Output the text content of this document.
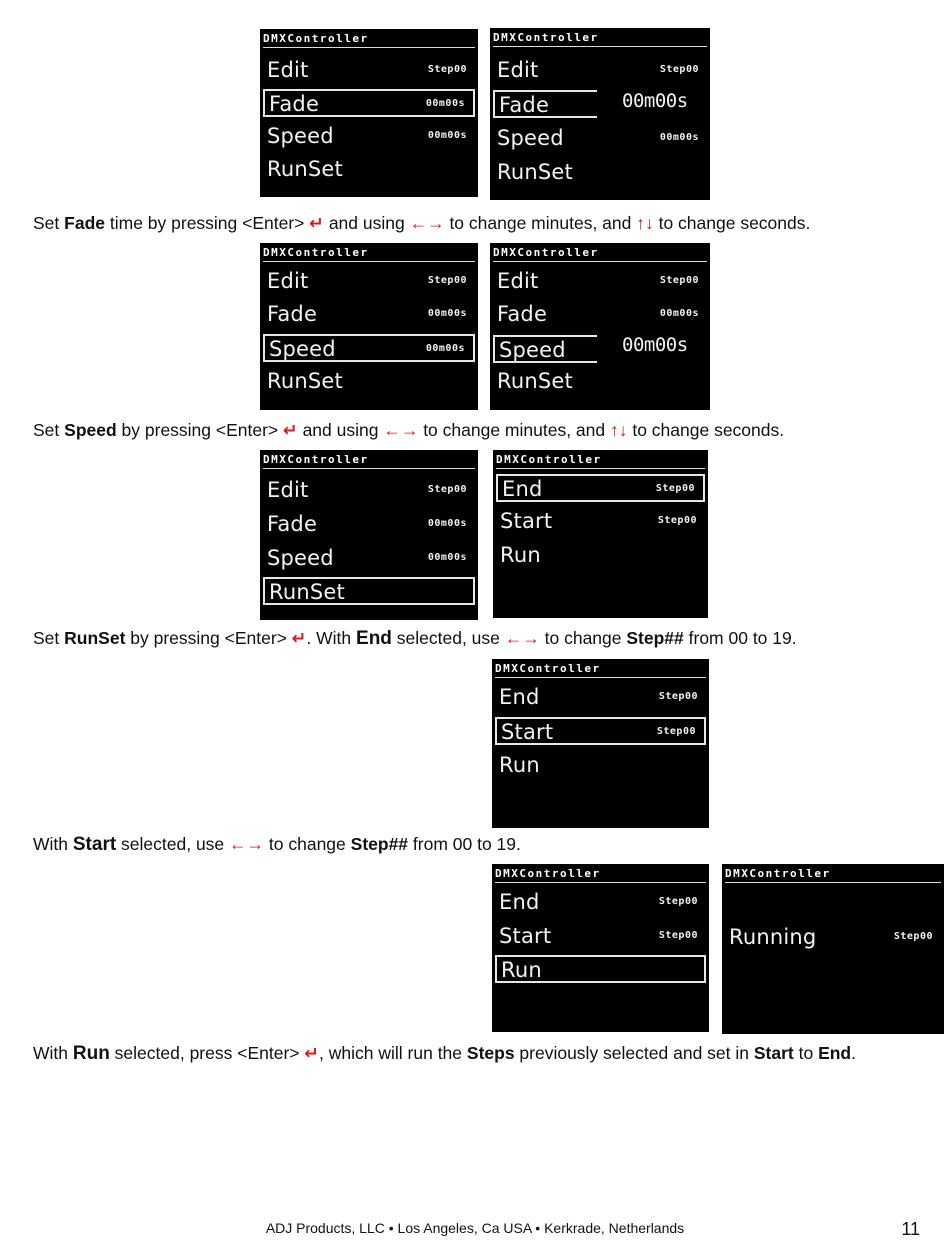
DMXController
Edit	Step00
Fade	00m00s
Speed	00m00s
RunSet
DMXController
Edit	Step00
Fade	00m00s
Speed	00m00s
RunSet
Set Fade time by pressing <Enter> ↵ and using ←→ to change minutes, and ↑↓ to change seconds.
DMXController
Edit	Step00
Fade	00m00s
Speed	00m00s
RunSet
DMXController
Edit	Step00
Fade	00m00s
Speed	00m00s
RunSet
Set Speed by pressing <Enter> ↵ and using ←→ to change minutes, and ↑↓ to change seconds.
DMXController
Edit	Step00
Fade	00m00s
Speed	00m00s
RunSet
DMXController
End	Step00
Start	Step00
Run
Set RunSet by pressing <Enter> ↵. With End selected, use ←→ to change Step## from 00 to 19.
DMXController
End	Step00
Start	Step00
Run
With Start selected, use ←→ to change Step## from 00 to 19.
DMXController
End	Step00
Start	Step00
Run
DMXController
Running	Step00
With Run selected, press <Enter> ↵, which will run the Steps previously selected and set in Start to End.
ADJ Products, LLC • Los Angeles, Ca USA • Kerkrade, Netherlands	11
